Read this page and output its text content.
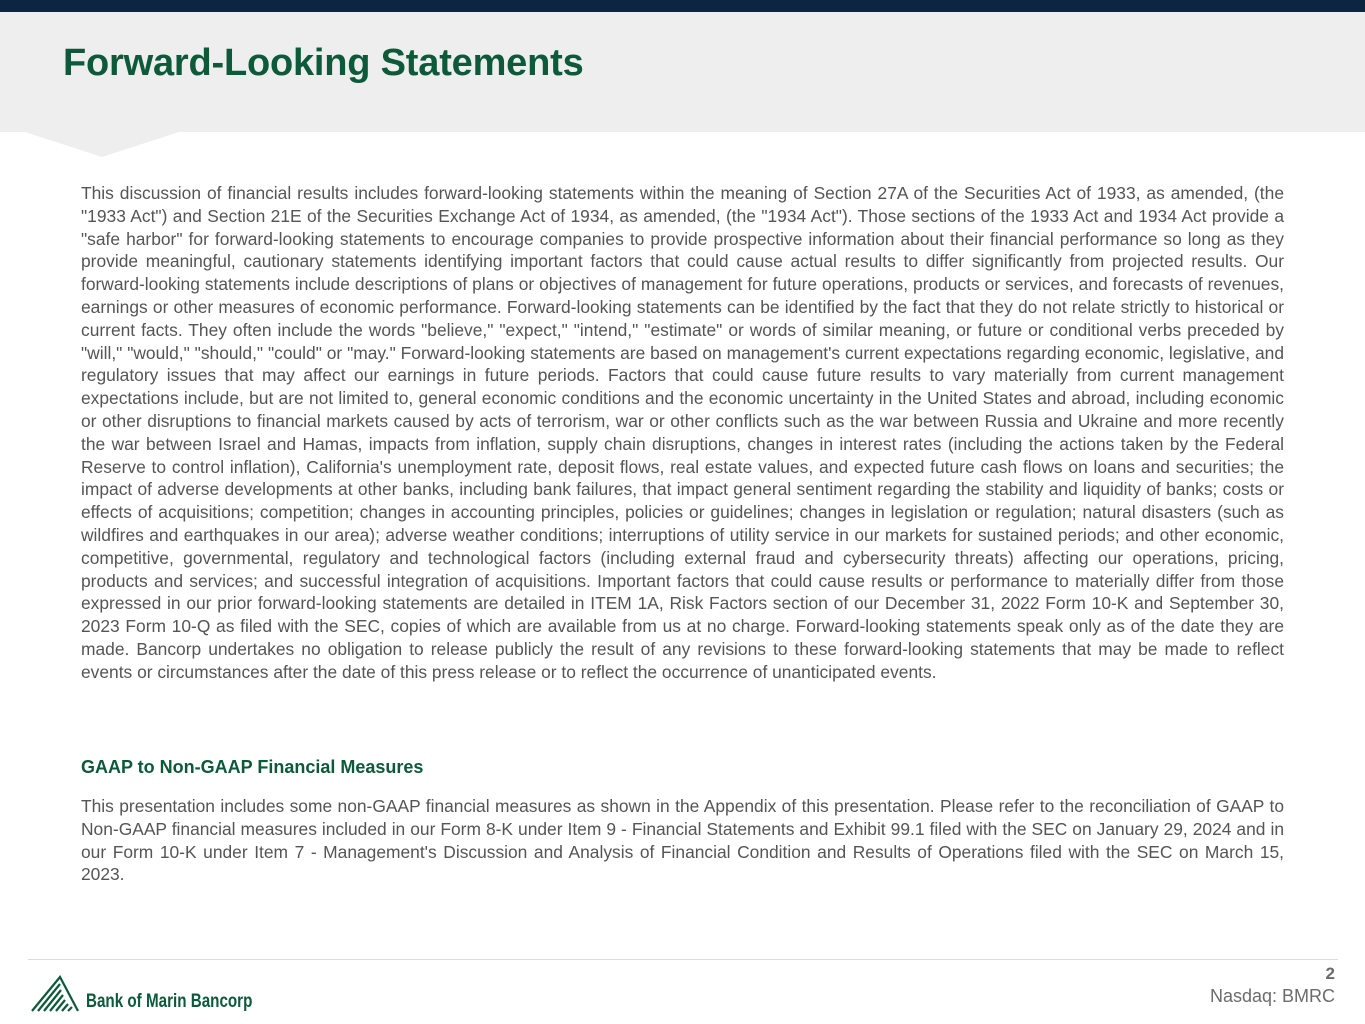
Forward-Looking Statements

This discussion of financial results includes forward-looking statements within the meaning of Section 27A of the Securities Act of 1933, as amended, (the "1933 Act") and Section 21E of the Securities Exchange Act of 1934, as amended, (the "1934 Act"). Those sections of the 1933 Act and 1934 Act provide a "safe harbor" for forward-looking statements to encourage companies to provide prospective information about their financial performance so long as they provide meaningful, cautionary statements identifying important factors that could cause actual results to differ significantly from projected results. Our forward-looking statements include descriptions of plans or objectives of management for future operations, products or services, and forecasts of revenues, earnings or other measures of economic performance. Forward-looking statements can be identified by the fact that they do not relate strictly to historical or current facts. They often include the words "believe," "expect," "intend," "estimate" or words of similar meaning, or future or conditional verbs preceded by "will," "would," "should," "could" or "may." Forward-looking statements are based on management's current expectations regarding economic, legislative, and regulatory issues that may affect our earnings in future periods. Factors that could cause future results to vary materially from current management expectations include, but are not limited to, general economic conditions and the economic uncertainty in the United States and abroad, including economic or other disruptions to financial markets caused by acts of terrorism, war or other conflicts such as the war between Russia and Ukraine and more recently the war between Israel and Hamas, impacts from inflation, supply chain disruptions, changes in interest rates (including the actions taken by the Federal Reserve to control inflation), California's unemployment rate, deposit flows, real estate values, and expected future cash flows on loans and securities; the impact of adverse developments at other banks, including bank failures, that impact general sentiment regarding the stability and liquidity of banks; costs or effects of acquisitions; competition; changes in accounting principles, policies or guidelines; changes in legislation or regulation; natural disasters (such as wildfires and earthquakes in our area); adverse weather conditions; interruptions of utility service in our markets for sustained periods; and other economic, competitive, governmental, regulatory and technological factors (including external fraud and cybersecurity threats) affecting our operations, pricing, products and services; and successful integration of acquisitions. Important factors that could cause results or performance to materially differ from those expressed in our prior forward-looking statements are detailed in ITEM 1A, Risk Factors section of our December 31, 2022 Form 10-K and September 30, 2023 Form 10-Q as filed with the SEC, copies of which are available from us at no charge. Forward-looking statements speak only as of the date they are made. Bancorp undertakes no obligation to release publicly the result of any revisions to these forward-looking statements that may be made to reflect events or circumstances after the date of this press release or to reflect the occurrence of unanticipated events.

GAAP to Non-GAAP Financial Measures

This presentation includes some non-GAAP financial measures as shown in the Appendix of this presentation. Please refer to the reconciliation of GAAP to Non-GAAP financial measures included in our Form 8-K under Item 9 - Financial Statements and Exhibit 99.1 filed with the SEC on January 29, 2024 and in our Form 10-K under Item 7 - Management's Discussion and Analysis of Financial Condition and Results of Operations filed with the SEC on March 15, 2023.

Bank of Marin Bancorp
2
Nasdaq: BMRC
